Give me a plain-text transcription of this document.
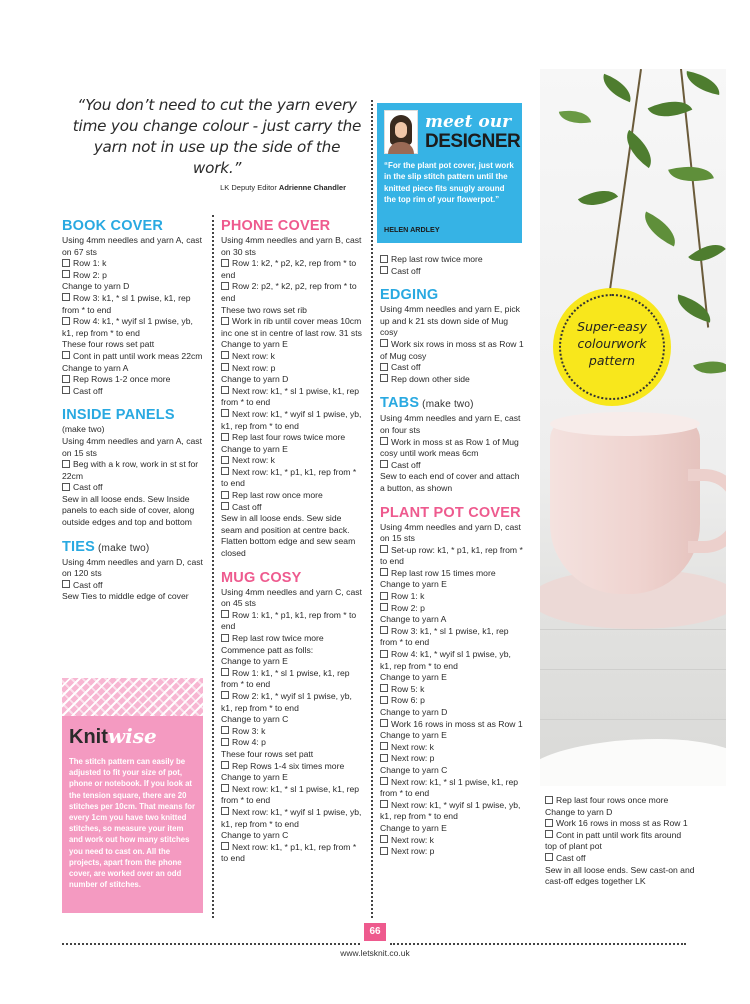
“You don’t need to cut the yarn every time you change colour - just carry the yarn not in use up the side of the work.”
LK Deputy Editor Adrienne Chandler

BOOK COVER

Using 4mm needles and yarn A, cast on 67 sts

Row 1: k

Row 2: p

Change to yarn D

Row 3: k1, * sl 1 pwise, k1, rep from * to end

Row 4: k1, * wyif sl 1 pwise, yb, k1, rep from * to end

These four rows set patt

Cont in patt until work meas 22cm

Change to yarn A

Rep Rows 1-2 once more

Cast off

INSIDE PANELS

(make two)

Using 4mm needles and yarn A, cast on 15 sts

Beg with a k row, work in st st for 22cm

Cast off

Sew in all loose ends. Sew Inside panels to each side of cover, along outside edges and top and bottom

TIES (make two)

Using 4mm needles and yarn D, cast on 120 sts

Cast off

Sew Ties to middle edge of cover

PHONE COVER

Using 4mm needles and yarn B, cast on 30 sts

Row 1: k2, * p2, k2, rep from * to end

Row 2: p2, * k2, p2, rep from * to end

These two rows set rib

Work in rib until cover meas 10cm inc one st in centre of last row. 31 sts

Change to yarn E

Next row: k

Next row: p

Change to yarn D

Next row: k1, * sl 1 pwise, k1, rep from * to end

Next row: k1, * wyif sl 1 pwise, yb, k1, rep from * to end

Rep last four rows twice more

Change to yarn E

Next row: k

Next row: k1, * p1, k1, rep from * to end

Rep last row once more

Cast off

Sew in all loose ends. Sew side seam and position at centre back. Flatten bottom edge and sew seam closed

MUG COSY

Using 4mm needles and yarn C, cast on 45 sts

Row 1: k1, * p1, k1, rep from * to end

Rep last row twice more

Commence patt as folls:

Change to yarn E

Row 1: k1, * sl 1 pwise, k1, rep from * to end

Row 2: k1, * wyif sl 1 pwise, yb, k1, rep from * to end

Change to yarn C

Row 3: k

Row 4: p

These four rows set patt

Rep Rows 1-4 six times more

Change to yarn E

Next row: k1, * sl 1 pwise, k1, rep from * to end

Next row: k1, * wyif sl 1 pwise, yb, k1, rep from * to end

Change to yarn C

Next row: k1, * p1, k1, rep from * to end

Rep last row twice more

Cast off

EDGING

Using 4mm needles and yarn E, pick up and k 21 sts down side of Mug cosy

Work six rows in moss st as Row 1 of Mug cosy

Cast off

Rep down other side

TABS (make two)

Using 4mm needles and yarn E, cast on four sts

Work in moss st as Row 1 of Mug cosy until work meas 6cm

Cast off

Sew to each end of cover and attach a button, as shown

PLANT POT COVER

Using 4mm needles and yarn D, cast on 15 sts

Set-up row: k1, * p1, k1, rep from * to end

Rep last row 15 times more

Change to yarn E

Row 1: k

Row 2: p

Change to yarn A

Row 3: k1, * sl 1 pwise, k1, rep from * to end

Row 4: k1, * wyif sl 1 pwise, yb, k1, rep from * to end

Change to yarn E

Row 5: k

Row 6: p

Change to yarn D

Work 16 rows in moss st as Row 1

Change to yarn E

Next row: k

Next row: p

Change to yarn C

Next row: k1, * sl 1 pwise, k1, rep from * to end

Next row: k1, * wyif sl 1 pwise, yb, k1, rep from * to end

Change to yarn E

Next row: k

Next row: p

Rep last four rows once more

Change to yarn D

Work 16 rows in moss st as Row 1

Cont in patt until work fits around top of plant pot

Cast off

Sew in all loose ends. Sew cast-on and cast-off edges together LK

meet our
DESIGNER
“For the plant pot cover, just work in the slip stitch pattern until the knitted piece fits snugly around the top rim of your flowerpot.”
HELEN ARDLEY
Super-easy
colourwork
pattern
Knitwise
The stitch pattern can easily be adjusted to fit your size of pot, phone or notebook. If you look at the tension square, there are 20 stitches per 10cm. That means for every 1cm you have two knitted stitches, so measure your item and work out how many stitches you need to cast on. All the projects, apart from the phone cover, are worked over an odd number of stitches.
66
www.letsknit.co.uk
